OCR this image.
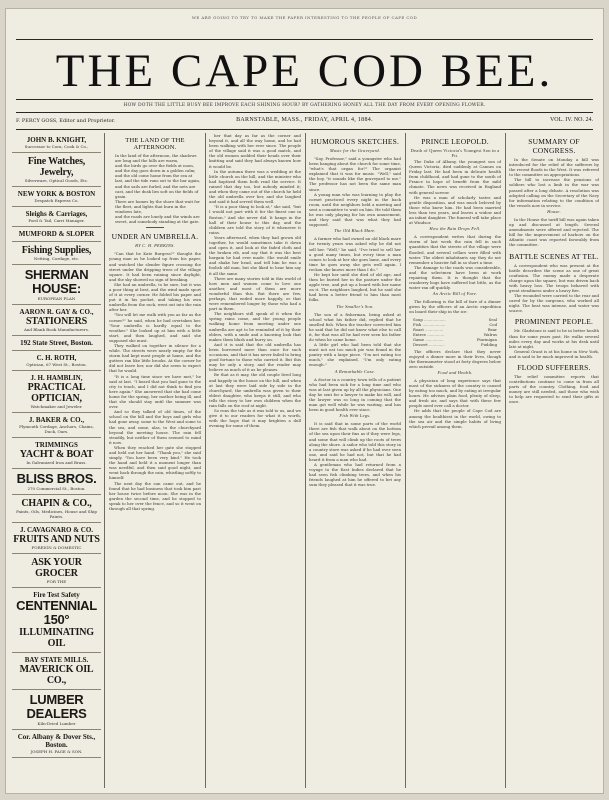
WE ARE GOING TO TRY TO MAKE THE PAPER INTERESTING TO THE PEOPLE OF CAPE COD
THE CAPE COD BEE.
HOW DOTH THE LITTLE BUSY BEE IMPROVE EACH SHINING HOUR? BY GATHERING HONEY ALL THE DAY FROM EVERY OPENING FLOWER.
F. PERCY GOSS, Editor and Proprietor.	BARNSTABLE, MASS., FRIDAY, APRIL 4, 1884.	VOL. IV. NO. 24.
JOHN B. KNIGHT,
Successor to Cora, Cook & Co.,
Fine Watches, Jewelry,
Silverware, Optical Goods, Etc.
NEW YORK & BOSTON
Despatch Express Co.
Sleighs & Carriages,
Ford & Tail, Carri Manager.
MUMFORD & SLOPER
Fishing Supplies,
Netting, Cordage, etc.
SHERMAN HOUSE:
EUROPEAN PLAN
AARON R. GAY & CO.,
STATIONERS
And Blank Book Manufacturers.
192 State Street, Boston.
C. H. ROTH,
Optician, 67 West St., Boston.
J. H. HAMBLIN,
PRACTICAL OPTICIAN,
Watchmaker and Jeweler.
J. BAKER & CO.,
Plymouth Cordage, Anchors, Chains, Duck, Oars.
TRIMMINGS
YACHT & BOAT
In Galvanized Iron and Brass.
BLISS BROS.
270 Commercial St., Boston.
CHAPIN & CO.,
Paints, Oils, Medicines, House and Ship Paints.
J. CAVAGNARO & CO.
FRUITS AND NUTS
FOREIGN & DOMESTIC
ASK YOUR GROCER
FOR THE
Fire Test Safety
CENTENNIAL 150°
ILLUMINATING OIL
BAY STATE MILLS.
MAVERICK OIL CO.,
LUMBER DEALERS
Kiln-Dried Lumber
Cor. Albany & Dover Sts., Boston.
JOSEPH H. PAGE & SON.
THE LAND OF THE AFTERNOON.
In the land of the afternoon, the shadows are long and the hills are warm,
and the birds go over the fields at noon, and the day goes down in a golden calm;
and the old come home from the sea at last, and the tide runs out to the bar again,
and the sails are furled, and the nets are cast, and the dusk lies soft on the fields of grain.
There are homes by the shore that wait for the fleet, and lights that burn in the windows late,
and the roads are lonely and the winds are sweet, and somebody standing at the gate.
UNDER AN UMBRELLA.
BY C. H. PERKINS.

"Can that be Kate Burgess?" thought the young man as he looked up from his paper, and watched the slender figure crossing the street under the dripping trees of the village square. It had been raining since daylight, and the sky showed no sign of breaking.

She had an umbrella, to be sure, but it was a poor thing at best, and the wind made sport of it at every corner. He folded his paper and put it in his pocket, and taking his own umbrella from the rack, went out into the rain after her.

"You will let me walk with you as far as the corner?" he said, when he had overtaken her. "Your umbrella is hardly equal to the weather." She looked up at him with a little start, and then laughed, and said she supposed she must.

They walked on together in silence for a while. The streets were nearly empty, for the storm had kept most people at home, and the gutters ran like little brooks. At the corner he did not leave her, nor did she seem to expect that he would.

"It is a long time since we have met," he said at last. "I heard that you had gone to the city to teach, and I did not think to find you here again." She answered that she had come home for the spring, her mother being ill, and that she should stay until the summer was over.

And so they talked of old times, of the school on the hill and the boys and girls who had gone away, some to the West and some to the sea, and some, alas, to the churchyard beyond the meeting house. The rain fell steadily, but neither of them seemed to mind it now.

When they reached her gate she stopped and held out her hand. "Thank you," she said simply. "You have been very kind." He took the hand and held it a moment longer than was needful, and then said good night, and went back through the rain, whistling softly to himself.

The next day the sun came out, and he found that he had business that took him past her house twice before noon. She was in the garden the second time, and he stopped to speak to her over the fence, and so it went on through all that spring.

her that day as far as the corner and beyond it, and all the way home, and he had been walking with her ever since. The people of the village said it was a good match, and the old women nodded their heads over their knitting and said they had always known how it would be.

In the autumn there was a wedding at the little church on the hill, and the minister who had baptized them both read the service. It rained that day too, but nobody minded it; and when they came out of the church he held the old umbrella over her, and she laughed and said it had served them well.

"It is a poor thing to look at," she said, "but I would not part with it for the finest one in Boston." And she never did. It hangs in the hall of their house to this day, and the children are told the story of it whenever it rains.

Years afterward, when they had grown old together, he would sometimes take it down and open it, and look at the faded cloth and the broken rib, and say that it was the best bargain he had ever made. She would smile and shake her head, and tell him he was a foolish old man, but she liked to hear him say it all the same.

There are many stories told in this world of how men and women come to love one another, and most of them are more wonderful than this. But there are few, perhaps, that ended more happily, or that were remembered longer by those who had a part in them.

The neighbors still speak of it when the spring rains come, and the young people walking home from meeting under one umbrella are apt to be reminded of it by their elders, with a smile and a knowing look that makes them blush and hurry on.

And it is said that the old umbrella has been borrowed more than once for such occasions, and that it has never failed to bring good fortune to those who carried it. But this may be only a story, and the reader may believe as much of it as he pleases.

Be that as it may, the old couple lived long and happily in the house on the hill, and when at last they were laid side by side in the churchyard, the umbrella was given to their eldest daughter, who keeps it still, and who tells the story to her own children when the rain falls on the roof at night.

So runs the tale as it was told to us, and we give it to our readers for what it is worth, with the hope that it may brighten a dull evening for some of them.

HUMOROUS SKETCHES.
Music for the Graveyard.

"Say, Professor," said a youngster who had been hanging about the church for some time, "what's that organ for?" The organist explained that it was for music. "Well," said the boy, "it sounds like the graveyard to me." The professor has not been the same man since.

A young man who was learning to play the cornet practiced every night in the back room, until the neighbors held a meeting and sent a committee to wait on him. He told them he was only playing for his own amusement, and they said that was what they had supposed.

The Old Black Mare.

A farmer who had owned an old black mare for twenty years was asked why he did not sell her. "Well," he said, "I've tried to sell her a good many times, but every time a man comes to look at her she goes lame, and every time he goes away she gets well again. I reckon she knows more than I do."

He kept her until she died of old age, and then he buried her in the pasture under the apple tree, and put up a board with her name on it. The neighbors laughed, but he said she had been a better friend to him than most folks.

The Smaller's Son.

The son of a fisherman, being asked at school what his father did, replied that he smelled fish. When the teacher corrected him he said that he did not know what else to call it, for that was all he had ever seen his father do when he came home.

A little girl who had been told that she must not eat too much pie was found in the pantry with a large piece. "I'm not eating too much," she explained, "I'm only eating enough."

A Remarkable Case.

A doctor in a country town tells of a patient who had been sick for a long time and who was at last given up by all the physicians. One day he sent for a lawyer to make his will, and the lawyer was so long in coming that the man got well while he was waiting, and has been in good health ever since.

Fish With Legs.

It is said that in some parts of the world there are fish that walk about on the bottom of the sea upon their fins as if they were legs, and some that will climb up the roots of trees along the shore. A sailor who told this story in a country store was asked if he had ever seen one, and said he had not, but that he had heard it from a man who had.

A gentleman who had returned from a voyage to the East Indies declared that he had seen fish climbing trees, and when his friends laughed at him he offered to bet any sum they pleased that it was true.

PRINCE LEOPOLD.
Death of Queen Victoria's Youngest Son in a Fit.

The Duke of Albany, the youngest son of Queen Victoria, died suddenly at Cannes on Friday last. He had been in delicate health from childhood, and had gone to the south of France in hope of benefit from the mild climate. The news was received in England with general sorrow.

He was a man of scholarly tastes and gentle disposition, and was much beloved by those who knew him. He had been married less than two years, and leaves a widow and an infant daughter. The funeral will take place at Windsor.

How the Rain Drops Fell.

A correspondent writes that during the storm of last week the rain fell in such quantities that the streets of the village were flooded, and several cellars were filled with water. The oldest inhabitants say they do not remember a heavier fall in so short a time.

The damage to the roads was considerable, and the selectmen have been at work repairing them. It is thought that the cranberry bogs have suffered but little, as the water ran off quickly.

An Arctic Bill of Fare.

The following is the bill of fare of a dinner given by the officers of an Arctic expedition on board their ship in the ice:

Soup ..................	Seal
Fish ...................	Cod
Roast ...............	Bear
Entree ..............	Walrus
Game ...............	Ptarmigan
Dessert .............	Pudding

The officers declare that they never enjoyed a dinner more in their lives, though the thermometer stood at forty degrees below zero outside.

Food and Health.

A physician of long experience says that most of the sickness of the country is caused by eating too much, and by eating at irregular hours. He advises plain food, plenty of sleep, and fresh air, and says that with these few people need ever call a doctor.

He adds that the people of Cape Cod are among the healthiest in the world, owing to the sea air and the simple habits of living which prevail among them.

SUMMARY OF CONGRESS.

In the Senate on Monday a bill was introduced for the relief of the sufferers by the recent floods in the West. It was referred to the committee on appropriations.

The bill to increase the pensions of soldiers who lost a limb in the war was passed after a long debate. A resolution was adopted calling on the Secretary of the Navy for information relating to the condition of the vessels now in service.

House.

In the House the tariff bill was again taken up and discussed at length. Several amendments were offered and rejected. The bill for the improvement of harbors on the Atlantic coast was reported favorably from the committee.

BATTLE SCENES AT TEL.

A correspondent who was present at the battle describes the scene as one of great confusion. The enemy made a desperate charge upon the square, but was driven back with heavy loss. The troops behaved with great steadiness under a heavy fire.

The wounded were carried to the rear and cared for by the surgeons, who worked all night. The heat was intense, and water was scarce.

PROMINENT PEOPLE.

Mr. Gladstone is said to be in better health than for some years past. He walks several miles every day and works at his desk until late at night.

General Grant is at his home in New York, and is said to be much improved in health.

FLOOD SUFFERERS.

The relief committee reports that contributions continue to come in from all parts of the country. Clothing, food and money are still needed, and those who wish to help are requested to send their gifts at once.
